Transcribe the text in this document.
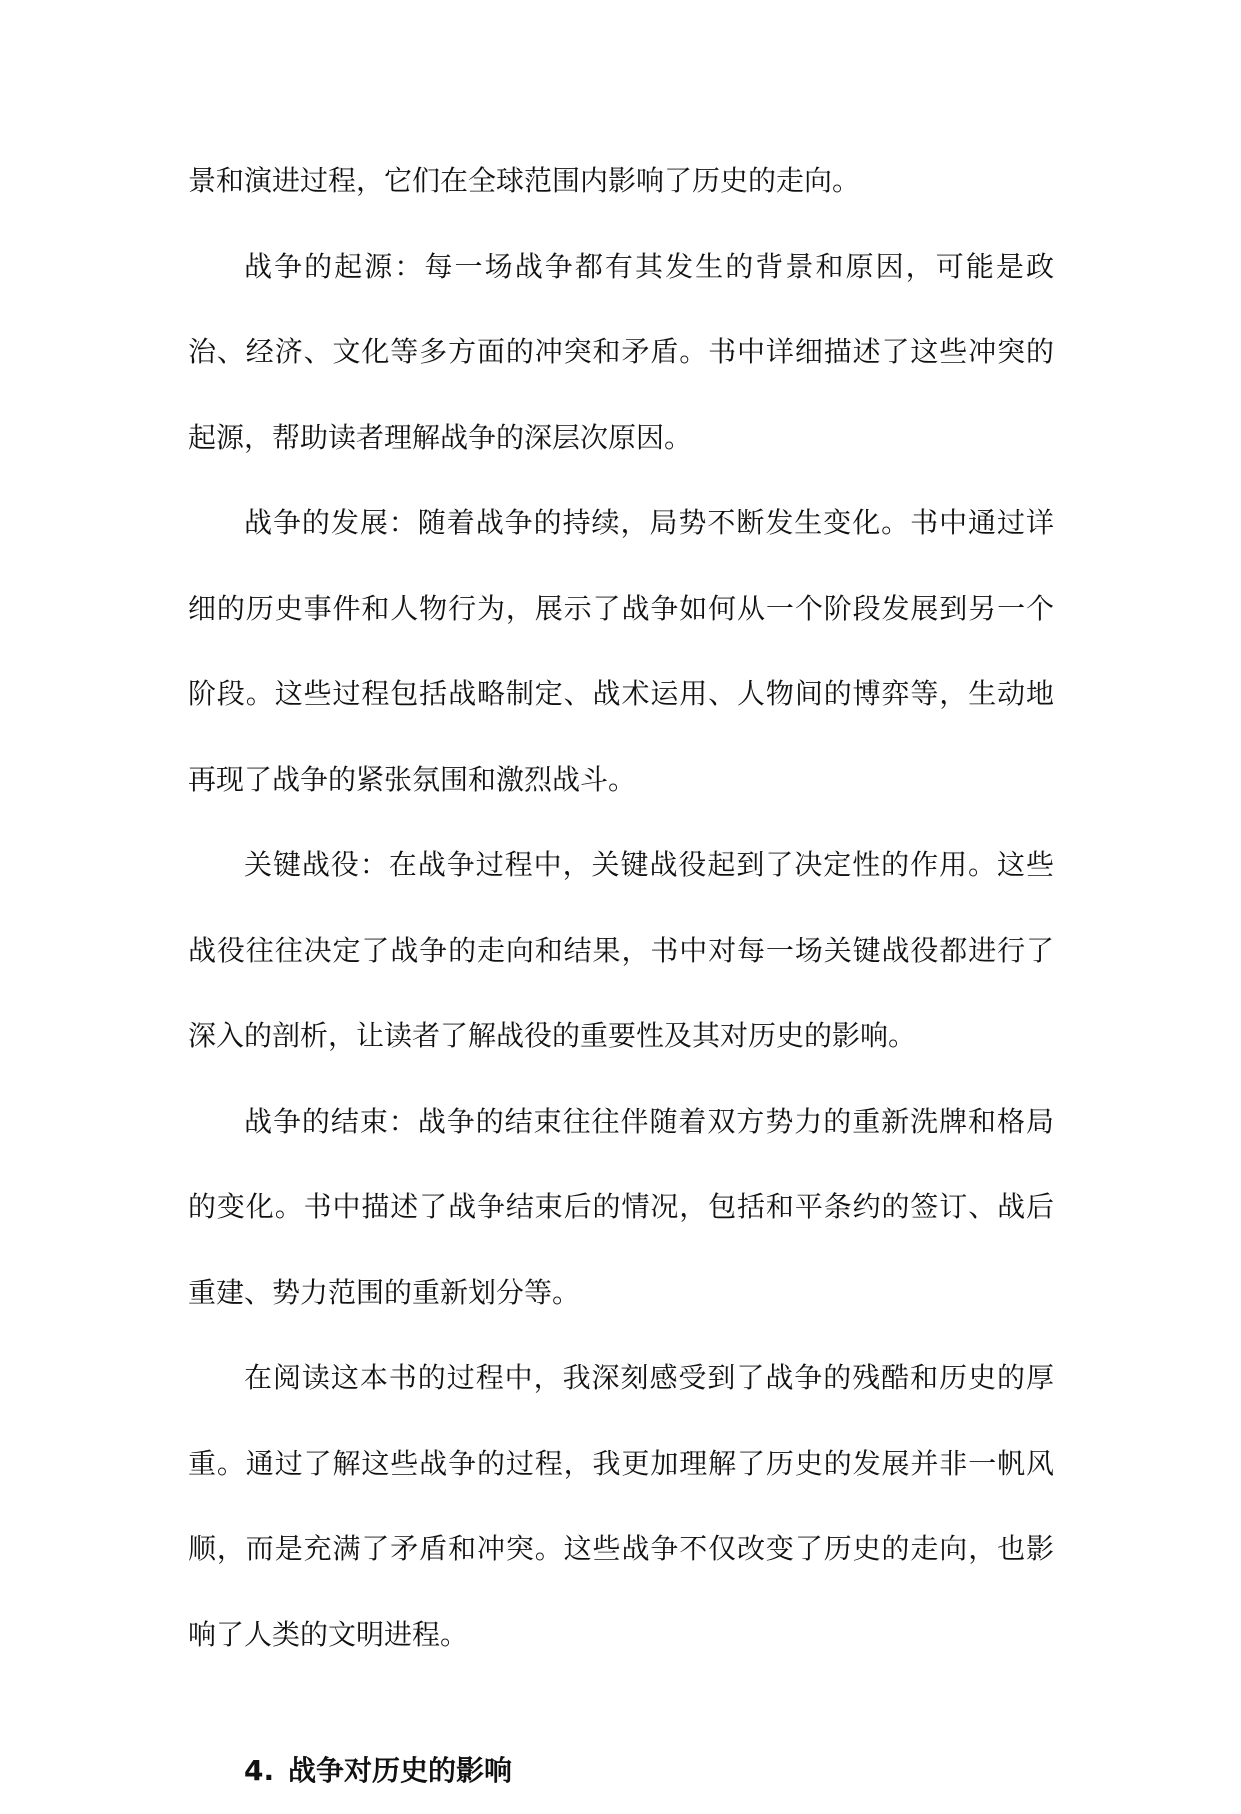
景和演进过程，它们在全球范围内影响了历史的走向。

战争的起源：每一场战争都有其发生的背景和原因，可能是政治、经济、文化等多方面的冲突和矛盾。书中详细描述了这些冲突的起源，帮助读者理解战争的深层次原因。

战争的发展：随着战争的持续，局势不断发生变化。书中通过详细的历史事件和人物行为，展示了战争如何从一个阶段发展到另一个阶段。这些过程包括战略制定、战术运用、人物间的博弈等，生动地再现了战争的紧张氛围和激烈战斗。

关键战役：在战争过程中，关键战役起到了决定性的作用。这些战役往往决定了战争的走向和结果，书中对每一场关键战役都进行了深入的剖析，让读者了解战役的重要性及其对历史的影响。

战争的结束：战争的结束往往伴随着双方势力的重新洗牌和格局的变化。书中描述了战争结束后的情况，包括和平条约的签订、战后重建、势力范围的重新划分等。

在阅读这本书的过程中，我深刻感受到了战争的残酷和历史的厚重。通过了解这些战争的过程，我更加理解了历史的发展并非一帆风顺，而是充满了矛盾和冲突。这些战争不仅改变了历史的走向，也影响了人类的文明进程。

4. 战争对历史的影响
